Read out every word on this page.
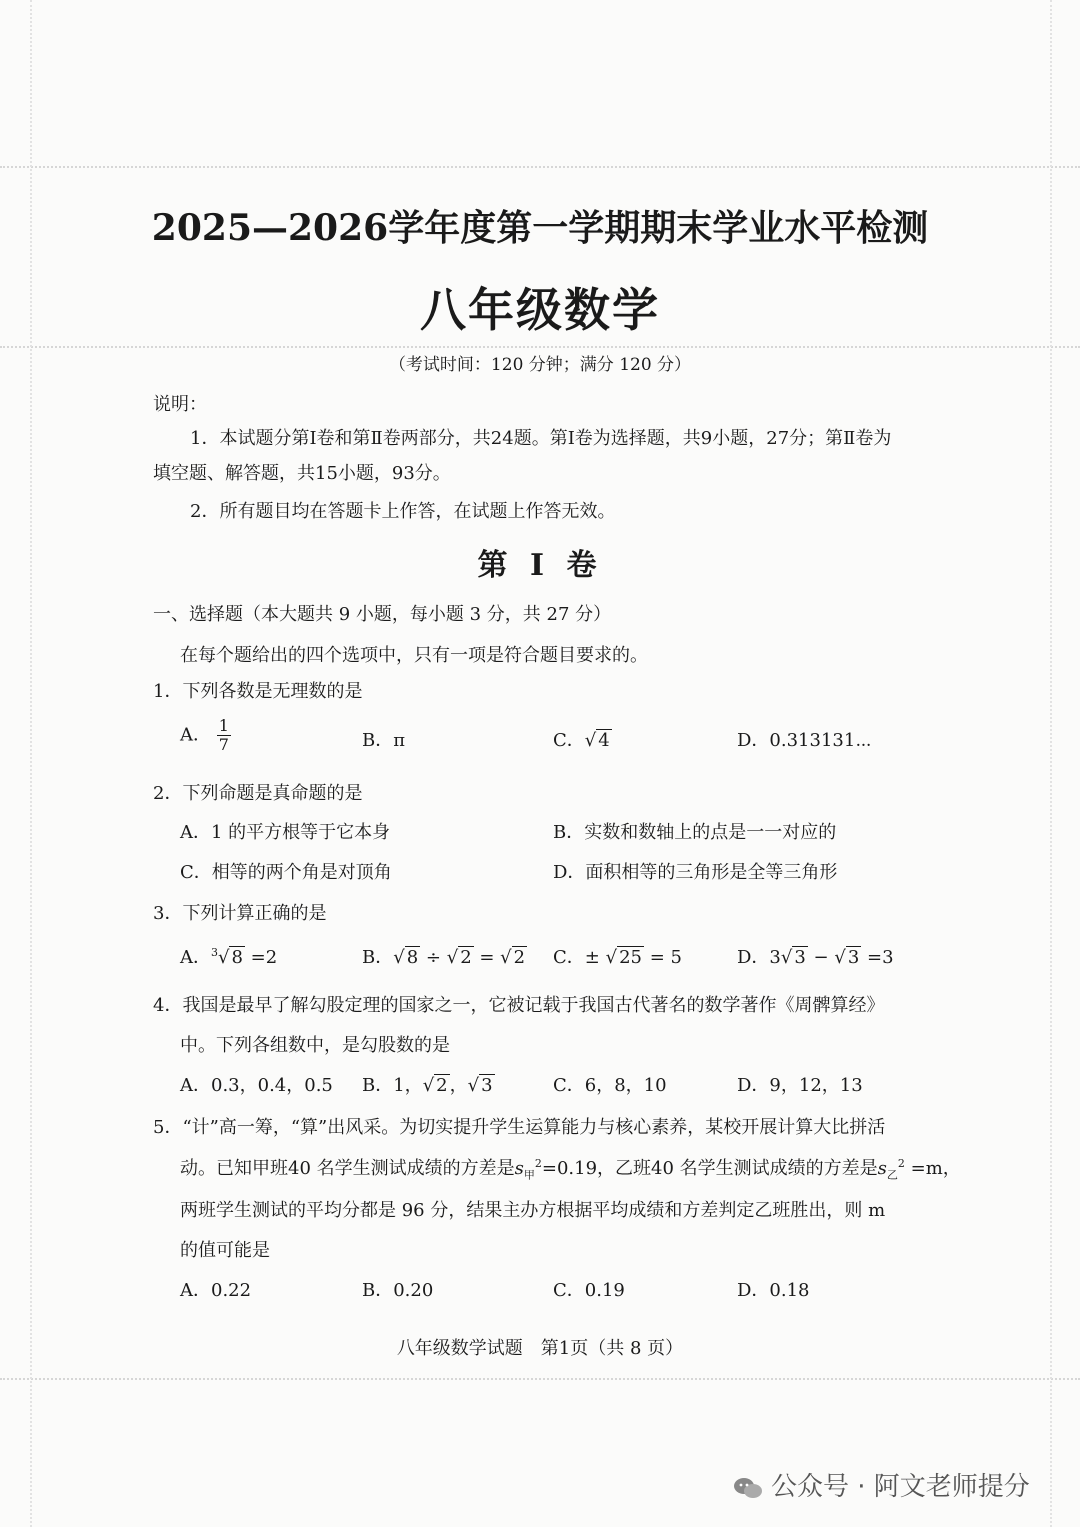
2025—2026学年度第一学期期末学业水平检测
八年级数学
（考试时间：120 分钟；满分 120 分）
说明：
1．本试题分第Ⅰ卷和第Ⅱ卷两部分，共24题。第Ⅰ卷为选择题，共9小题，27分；第Ⅱ卷为
填空题、解答题，共15小题，93分。
2．所有题目均在答题卡上作答，在试题上作答无效。
第 Ⅰ 卷
一、选择题（本大题共 9 小题，每小题 3 分，共 27 分）
在每个题给出的四个选项中，只有一项是符合题目要求的。
1．下列各数是无理数的是
A． $\frac{1}{7}$	B．π	C．√ 4	D．0.313131⋯
2．下列命题是真命题的是
A．1 的平方根等于它本身	B．实数和数轴上的点是一一对应的
C．相等的两个角是对顶角	D．面积相等的三角形是全等三角形
3．下列计算正确的是
A．$^3$√ 8 =2	B．√ 8 ÷ √ 2 = √ 2 C．± √ 25 = 5	D．3√ 3 − √ 3 =3
4．我国是最早了解勾股定理的国家之一，它被记载于我国古代著名的数学著作《周髀算经》
中。下列各组数中，是勾股数的是
A．0.3，0.4，0.5 B．1，√ 2 ，√ 3	C．6，8，10	D．9，12，13
5．“计”高一筹，“算”出风采。为切实提升学生运算能力与核心素养，某校开展计算大比拼活
动。已知甲班40 名学生测试成绩的方差是$s_甲^2=0.19$，乙班40 名学生测试成绩的方差是$s_乙^2 =m$，
两班学生测试的平均分都是 96 分，结果主办方根据平均成绩和方差判定乙班胜出，则 m
的值可能是
A．0.22	B．0.20	C．0.19	D．0.18
八年级数学试题　第1页（共 8 页）
公众号 · 阿文老师提分
